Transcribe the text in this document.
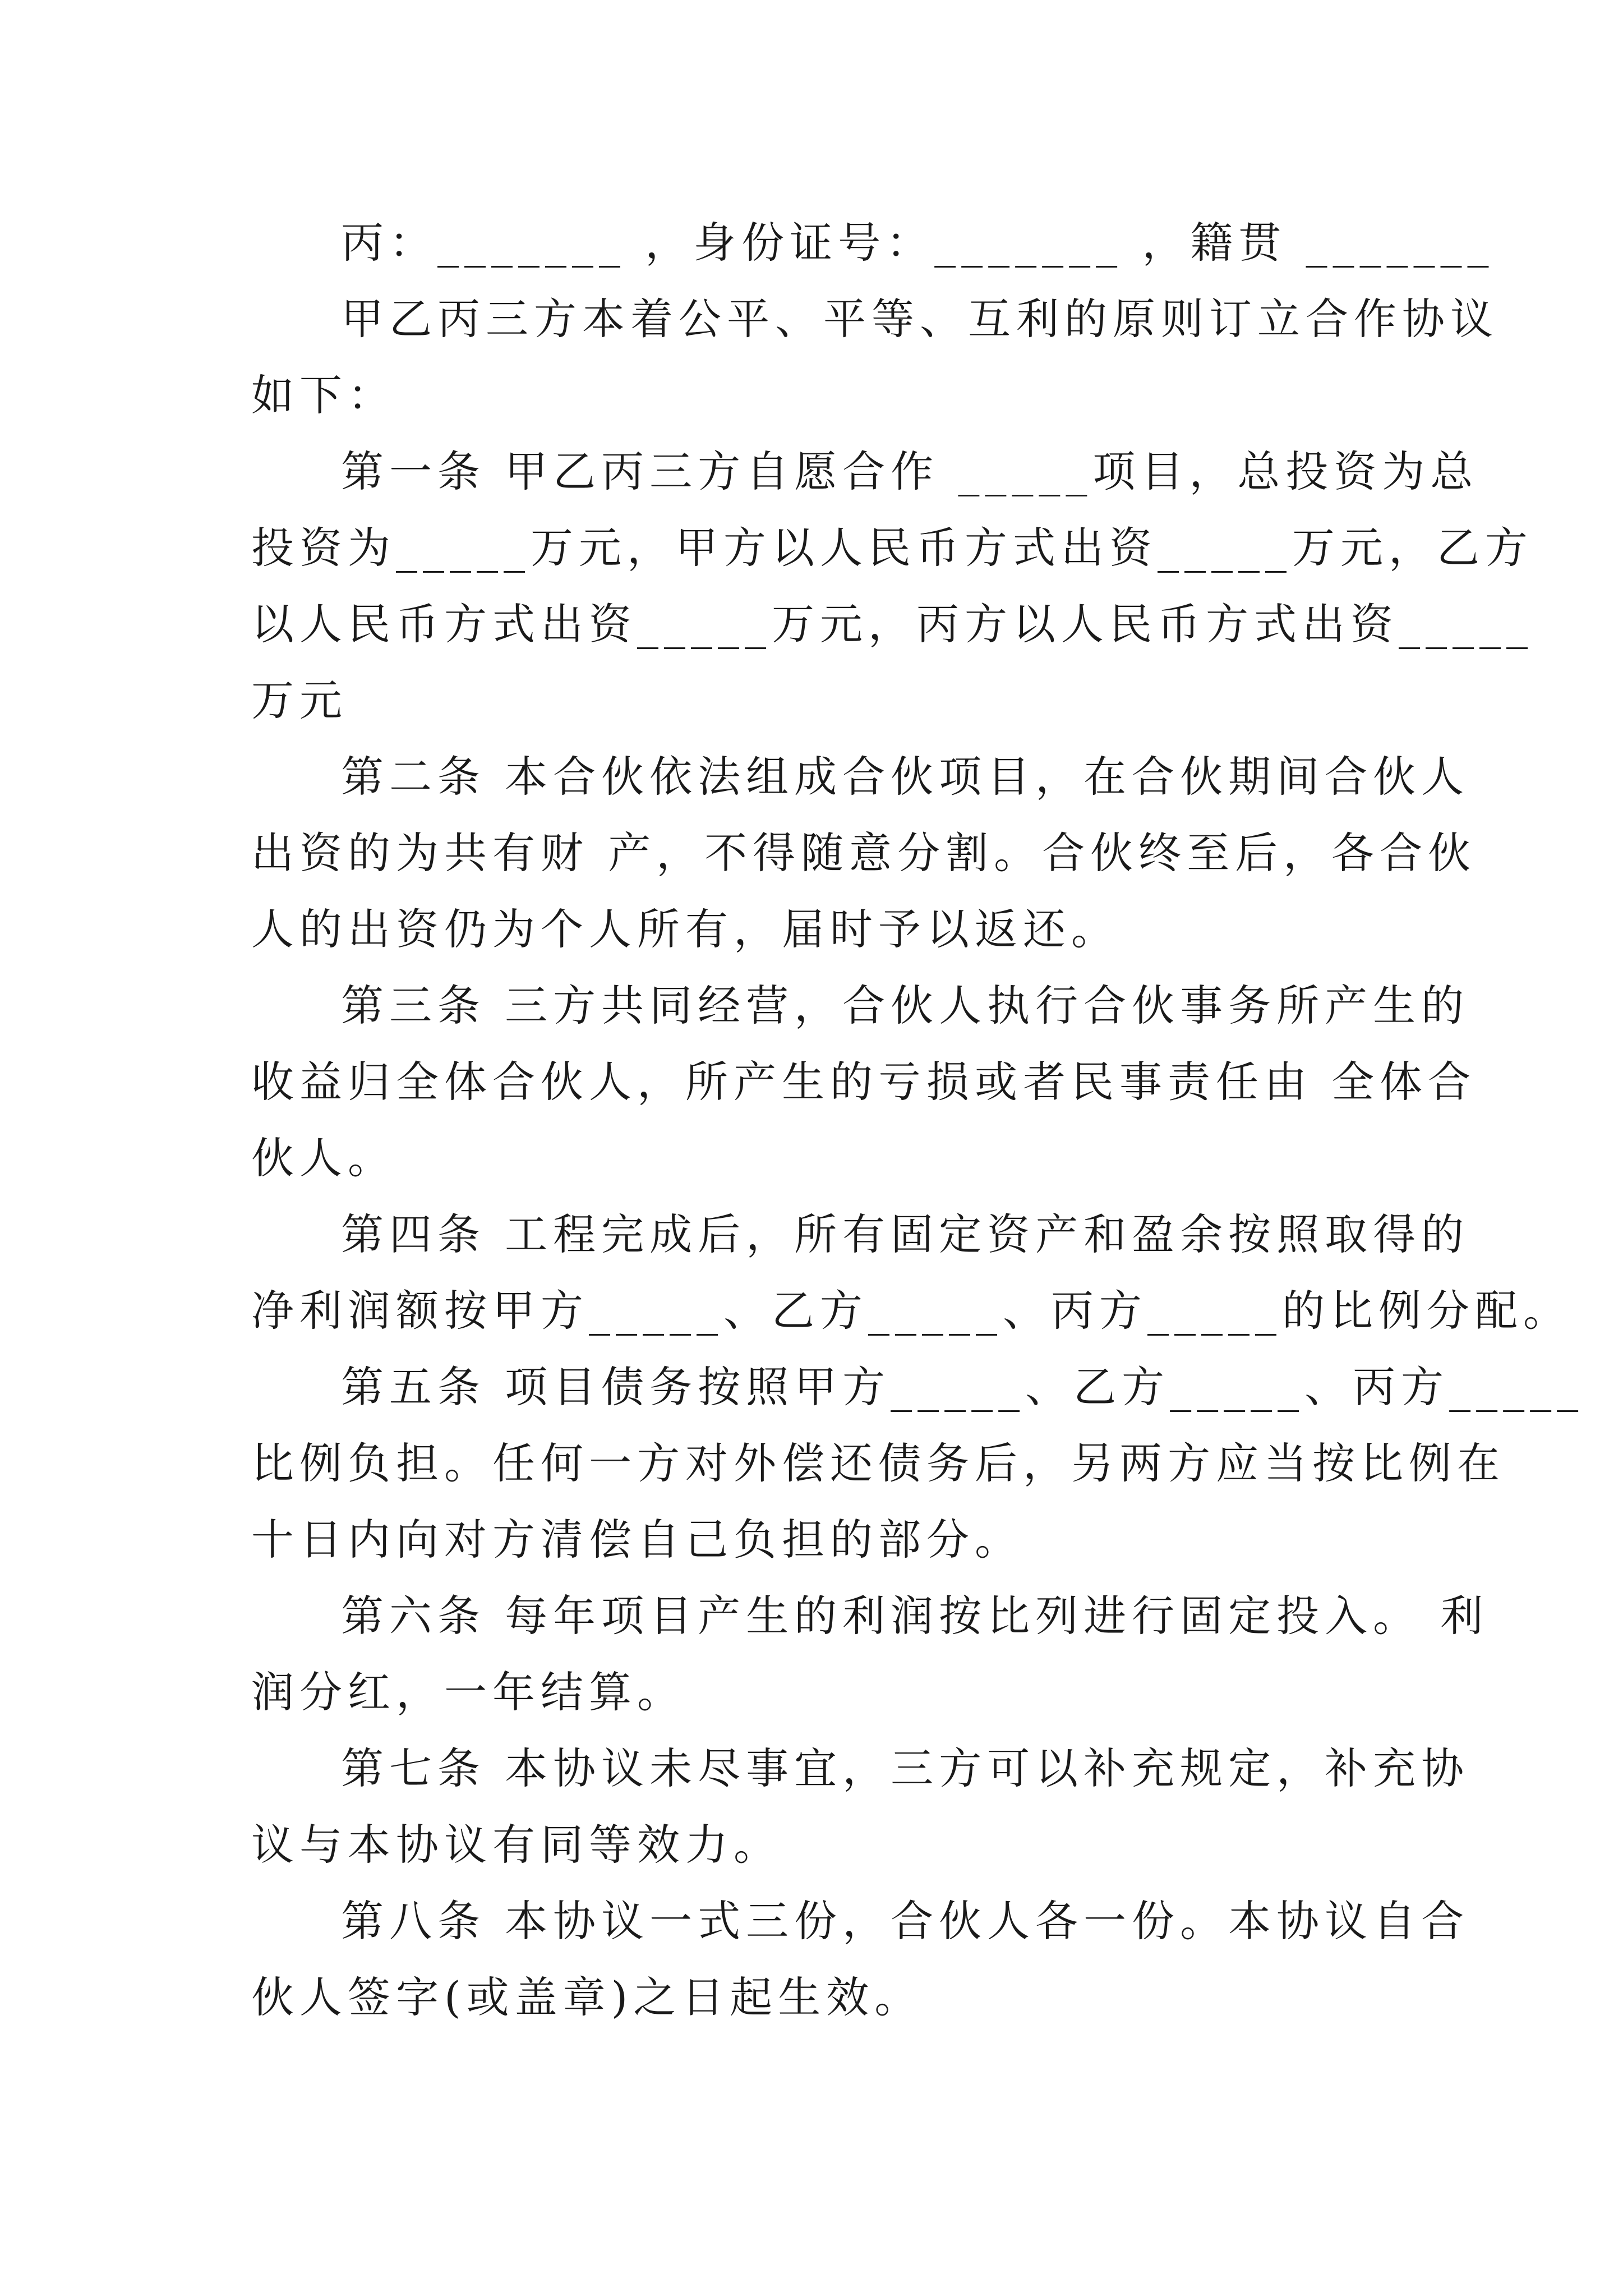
丙：_______ ，身份证号：_______ ，籍贯 _______
甲乙丙三方本着公平、平等、互利的原则订立合作协议
如下：
第一条 甲乙丙三方自愿合作 _____项目，总投资为总
投资为_____万元，甲方以人民币方式出资_____万元，乙方
以人民币方式出资_____万元，丙方以人民币方式出资_____
万元
第二条 本合伙依法组成合伙项目，在合伙期间合伙人
出资的为共有财 产，不得随意分割。合伙终至后，各合伙
人的出资仍为个人所有，届时予以返还。
第三条 三方共同经营，合伙人执行合伙事务所产生的
收益归全体合伙人，所产生的亏损或者民事责任由 全体合
伙人。
第四条 工程完成后，所有固定资产和盈余按照取得的
净利润额按甲方_____、乙方_____、丙方_____的比例分配。
第五条 项目债务按照甲方_____、乙方_____、丙方_____
比例负担。任何一方对外偿还债务后，另两方应当按比例在
十日内向对方清偿自己负担的部分。
第六条 每年项目产生的利润按比列进行固定投入。 利
润分红，一年结算。
第七条 本协议未尽事宜，三方可以补充规定，补充协
议与本协议有同等效力。
第八条 本协议一式三份，合伙人各一份。本协议自合
伙人签字(或盖章)之日起生效。
